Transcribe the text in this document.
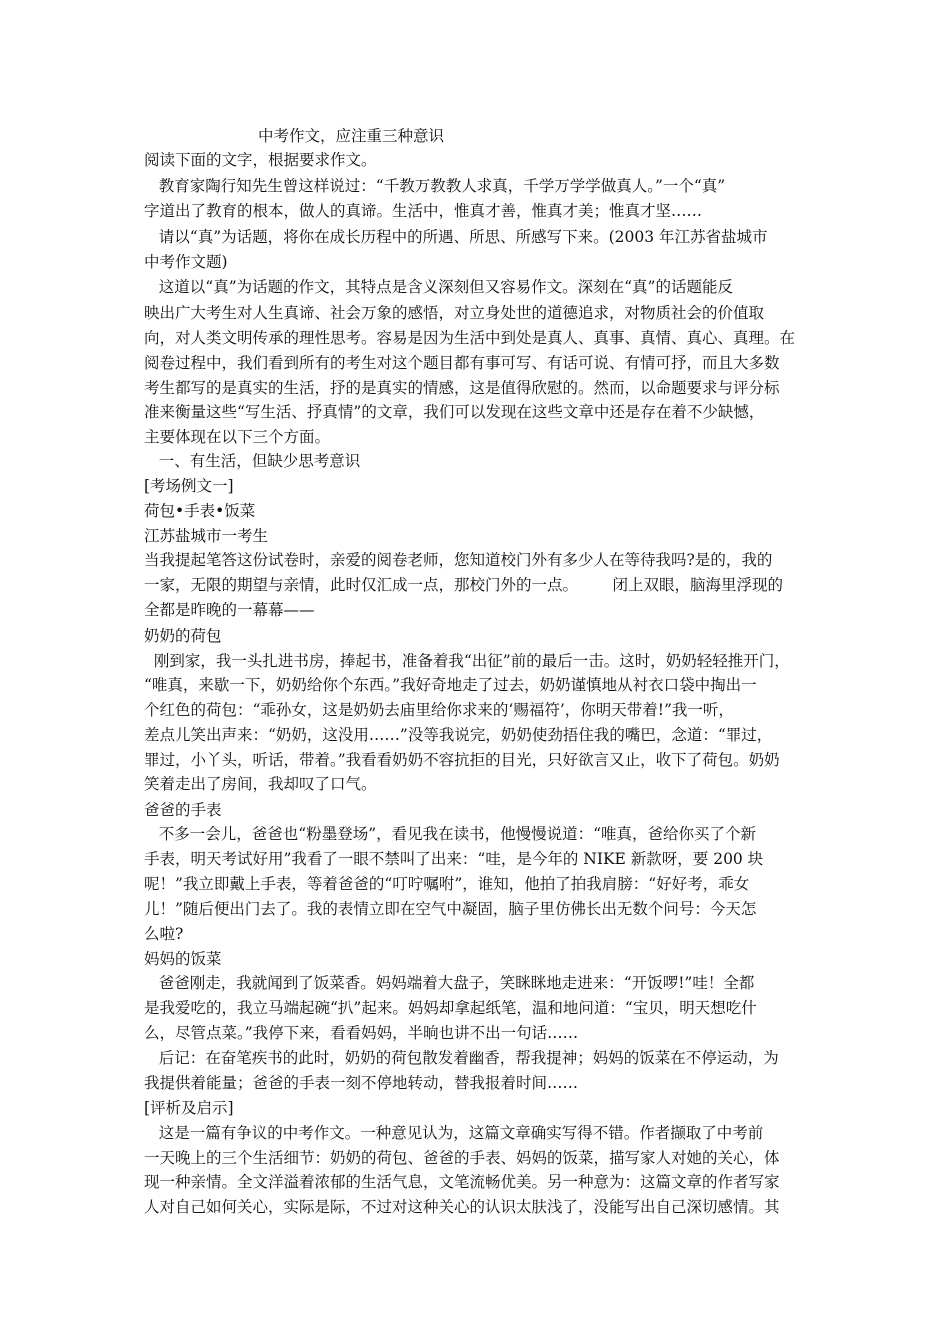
中考作文，应注重三种意识
阅读下面的文字，根据要求作文。
教育家陶行知先生曾这样说过：“千教万教教人求真，千学万学学做真人。”一个“真”
字道出了教育的根本，做人的真谛。生活中，惟真才善，惟真才美；惟真才坚……
请以“真”为话题，将你在成长历程中的所遇、所思、所感写下来。(2003 年江苏省盐城市
中考作文题)
这道以“真”为话题的作文，其特点是含义深刻但又容易作文。深刻在“真”的话题能反
映出广大考生对人生真谛、社会万象的感悟，对立身处世的道德追求，对物质社会的价值取
向，对人类文明传承的理性思考。容易是因为生活中到处是真人、真事、真情、真心、真理。在
阅卷过程中，我们看到所有的考生对这个题目都有事可写、有话可说、有情可抒，而且大多数
考生都写的是真实的生活，抒的是真实的情感，这是值得欣慰的。然而，以命题要求与评分标
准来衡量这些“写生活、抒真情”的文章，我们可以发现在这些文章中还是存在着不少缺憾，
主要体现在以下三个方面。
一、有生活，但缺少思考意识
[考场例文一]
荷包•手表•饭菜
江苏盐城市一考生
当我提起笔答这份试卷时，亲爱的阅卷老师，您知道校门外有多少人在等待我吗?是的，我的
一家，无限的期望与亲情，此时仅汇成一点，那校门外的一点。       闭上双眼，脑海里浮现的
全都是昨晚的一幕幕——
奶奶的荷包
刚到家，我一头扎进书房，捧起书，准备着我“出征”前的最后一击。这时，奶奶轻轻推开门，
“唯真，来歇一下，奶奶给你个东西。”我好奇地走了过去，奶奶谨慎地从衬衣口袋中掏出一
个红色的荷包：“乖孙女，这是奶奶去庙里给你求来的‘赐福符’，你明天带着!”我一听，
差点儿笑出声来：“奶奶，这没用……”没等我说完，奶奶使劲捂住我的嘴巴，念道：“罪过，
罪过，小丫头，听话，带着。”我看看奶奶不容抗拒的目光，只好欲言又止，收下了荷包。奶奶
笑着走出了房间，我却叹了口气。
爸爸的手表
不多一会儿，爸爸也“粉墨登场”，看见我在读书，他慢慢说道：“唯真，爸给你买了个新
手表，明天考试好用”我看了一眼不禁叫了出来：“哇，是今年的 NIKE 新款呀，要 200 块
呢！”我立即戴上手表，等着爸爸的“叮咛嘱咐”，谁知，他拍了拍我肩膀：“好好考，乖女
儿！”随后便出门去了。我的表情立即在空气中凝固，脑子里仿佛长出无数个问号：今天怎
么啦?
妈妈的饭菜
爸爸刚走，我就闻到了饭菜香。妈妈端着大盘子，笑眯眯地走进来：“开饭啰!”哇！全都
是我爱吃的，我立马端起碗“扒”起来。妈妈却拿起纸笔，温和地问道：“宝贝，明天想吃什
么，尽管点菜。”我停下来，看看妈妈，半晌也讲不出一句话……
后记：在奋笔疾书的此时，奶奶的荷包散发着幽香，帮我提神；妈妈的饭菜在不停运动，为
我提供着能量；爸爸的手表一刻不停地转动，替我报着时间……
[评析及启示]
这是一篇有争议的中考作文。一种意见认为，这篇文章确实写得不错。作者撷取了中考前
一天晚上的三个生活细节：奶奶的荷包、爸爸的手表、妈妈的饭菜，描写家人对她的关心，体
现一种亲情。全文洋溢着浓郁的生活气息，文笔流畅优美。另一种意为：这篇文章的作者写家
人对自己如何关心，实际是际，不过对这种关心的认识太肤浅了，没能写出自己深切感情。其
